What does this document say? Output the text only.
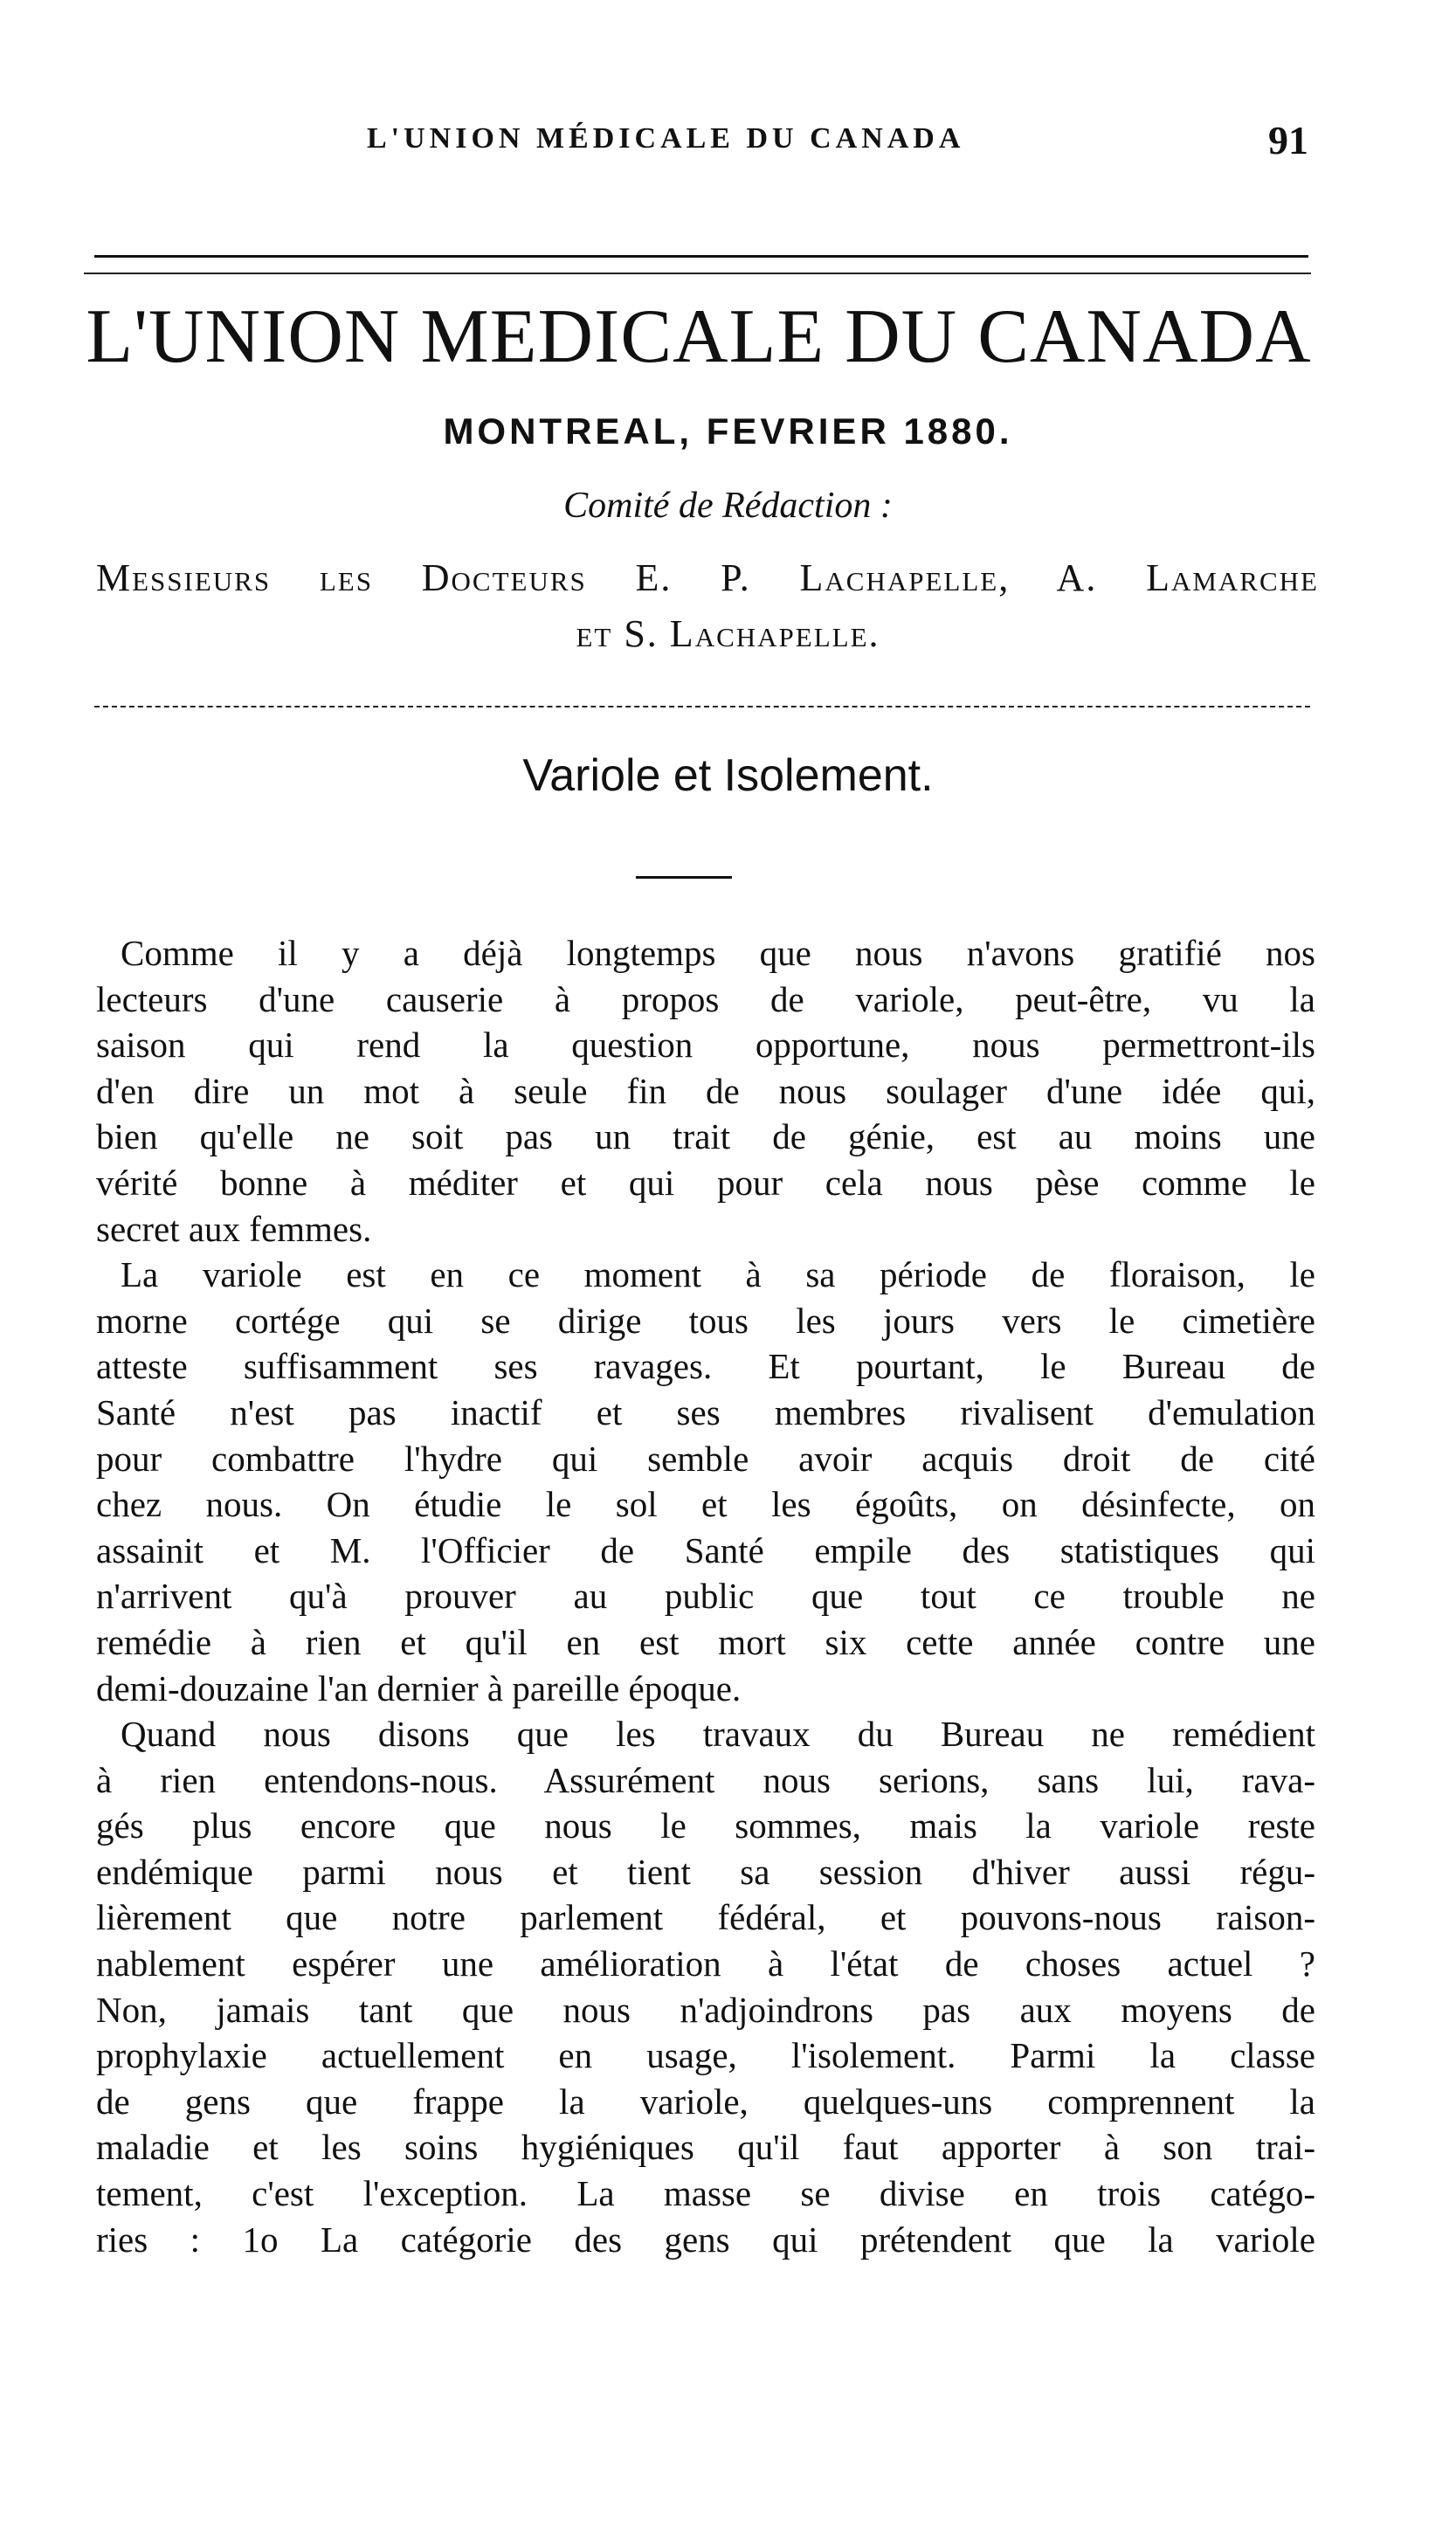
L'UNION MÉDICALE DU CANADA	91
L'UNION MEDICALE DU CANADA
MONTREAL, FEVRIER 1880.
Comité de Rédaction :
Messieurs les Docteurs E. P. Lachapelle, A. Lamarche
et S. Lachapelle.
Variole et Isolement.
Comme il y a déjà longtemps que nous n'avons gratifié nos
lecteurs d'une causerie à propos de variole, peut-être, vu la
saison qui rend la question opportune, nous permettront-ils
d'en dire un mot à seule fin de nous soulager d'une idée qui,
bien qu'elle ne soit pas un trait de génie, est au moins une
vérité bonne à méditer et qui pour cela nous pèse comme le
secret aux femmes.
La variole est en ce moment à sa période de floraison, le
morne cortége qui se dirige tous les jours vers le cimetière
atteste suffisamment ses ravages. Et pourtant, le Bureau de
Santé n'est pas inactif et ses membres rivalisent d'emulation
pour combattre l'hydre qui semble avoir acquis droit de cité
chez nous. On étudie le sol et les égoûts, on désinfecte, on
assainit et M. l'Officier de Santé empile des statistiques qui
n'arrivent qu'à prouver au public que tout ce trouble ne
remédie à rien et qu'il en est mort six cette année contre une
demi-douzaine l'an dernier à pareille époque.
Quand nous disons que les travaux du Bureau ne remédient
à rien entendons-nous. Assurément nous serions, sans lui, rava-
gés plus encore que nous le sommes, mais la variole reste
endémique parmi nous et tient sa session d'hiver aussi régu-
lièrement que notre parlement fédéral, et pouvons-nous raison-
nablement espérer une amélioration à l'état de choses actuel ?
Non, jamais tant que nous n'adjoindrons pas aux moyens de
prophylaxie actuellement en usage, l'isolement. Parmi la classe
de gens que frappe la variole, quelques-uns comprennent la
maladie et les soins hygiéniques qu'il faut apporter à son trai-
tement, c'est l'exception. La masse se divise en trois catégo-
ries : 1o La catégorie des gens qui prétendent que la variole
